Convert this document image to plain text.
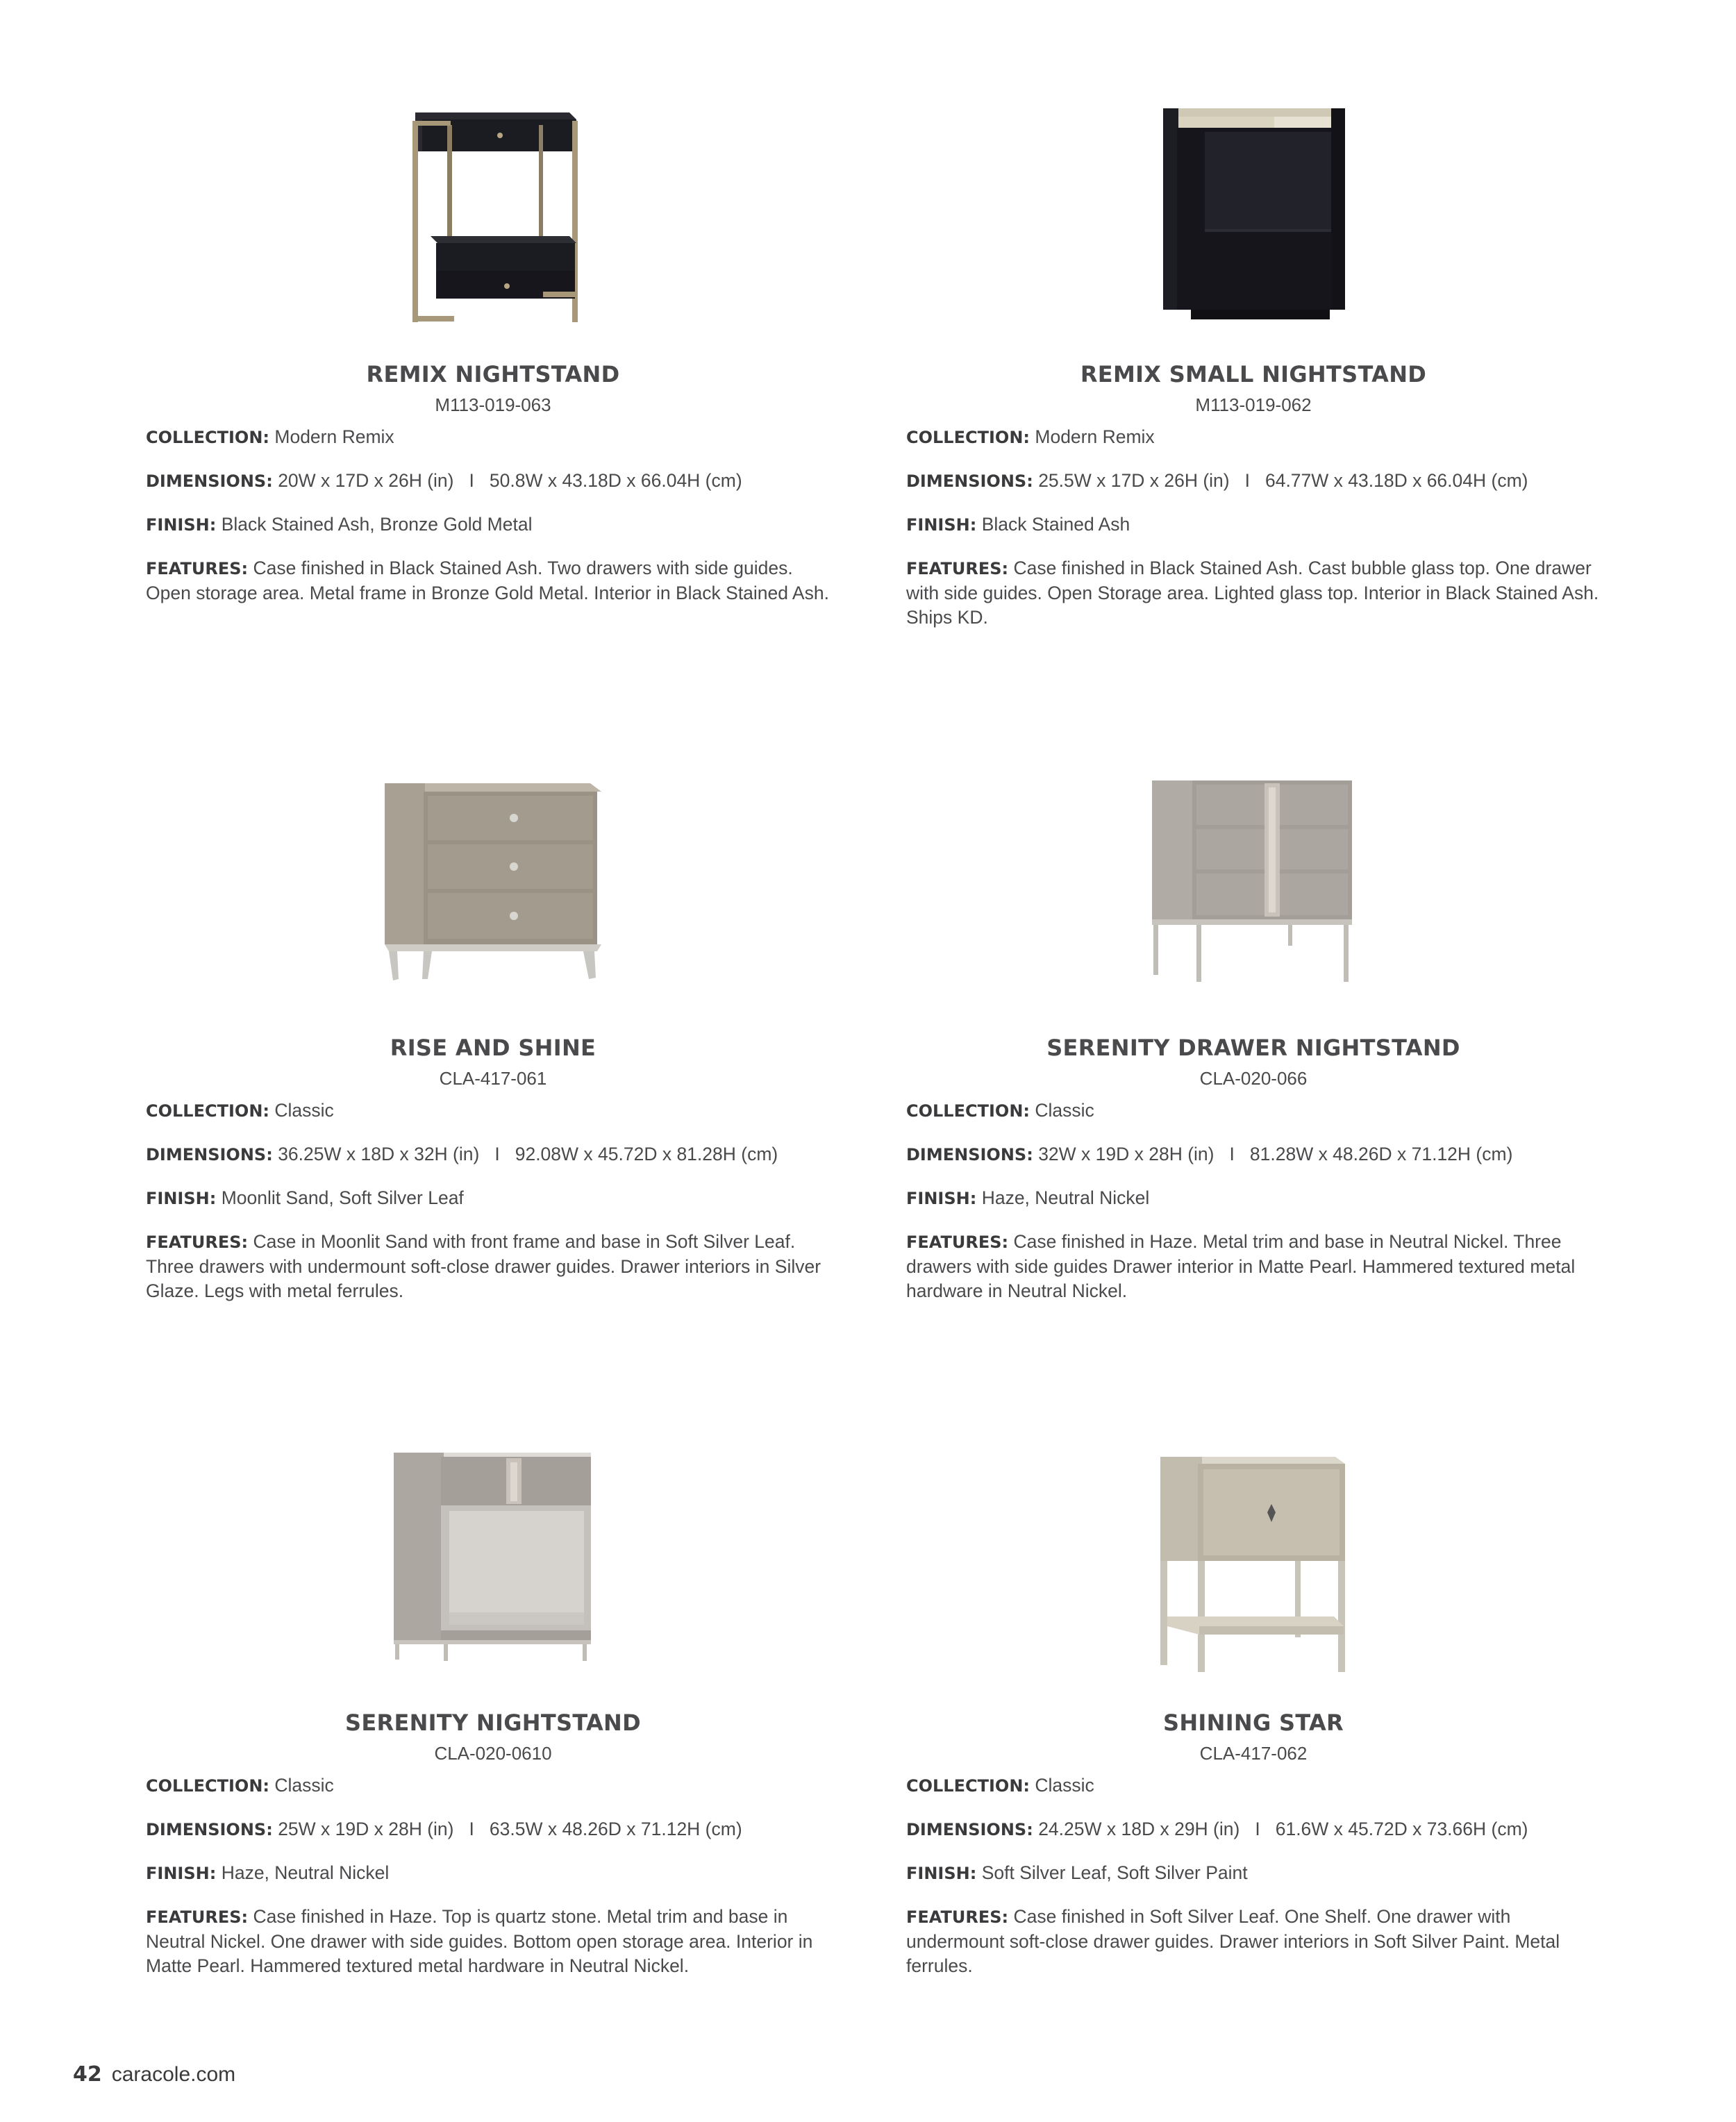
REMIX NIGHTSTAND
M113-019-063
COLLECTION: Modern Remix
DIMENSIONS: 20W x 17D x 26H (in) I 50.8W x 43.18D x 66.04H (cm)
FINISH: Black Stained Ash, Bronze Gold Metal
FEATURES: Case finished in Black Stained Ash. Two drawers with side guides. Open storage area. Metal frame in Bronze Gold Metal. Interior in Black Stained Ash.
REMIX SMALL NIGHTSTAND
M113-019-062
COLLECTION: Modern Remix
DIMENSIONS: 25.5W x 17D x 26H (in) I 64.77W x 43.18D x 66.04H (cm)
FINISH: Black Stained Ash
FEATURES: Case finished in Black Stained Ash. Cast bubble glass top. One drawer with side guides. Open Storage area. Lighted glass top. Interior in Black Stained Ash. Ships KD.
RISE AND SHINE
CLA-417-061
COLLECTION: Classic
DIMENSIONS: 36.25W x 18D x 32H (in) I 92.08W x 45.72D x 81.28H (cm)
FINISH: Moonlit Sand, Soft Silver Leaf
FEATURES: Case in Moonlit Sand with front frame and base in Soft Silver Leaf. Three drawers with undermount soft-close drawer guides. Drawer interiors in Silver Glaze. Legs with metal ferrules.
SERENITY DRAWER NIGHTSTAND
CLA-020-066
COLLECTION: Classic
DIMENSIONS: 32W x 19D x 28H (in) I 81.28W x 48.26D x 71.12H (cm)
FINISH: Haze, Neutral Nickel
FEATURES: Case finished in Haze. Metal trim and base in Neutral Nickel. Three drawers with side guides Drawer interior in Matte Pearl. Hammered textured metal hardware in Neutral Nickel.
SERENITY NIGHTSTAND
CLA-020-0610
COLLECTION: Classic
DIMENSIONS: 25W x 19D x 28H (in) I 63.5W x 48.26D x 71.12H (cm)
FINISH: Haze, Neutral Nickel
FEATURES: Case finished in Haze. Top is quartz stone. Metal trim and base in Neutral Nickel. One drawer with side guides. Bottom open storage area. Interior in Matte Pearl. Hammered textured metal hardware in Neutral Nickel.
SHINING STAR
CLA-417-062
COLLECTION: Classic
DIMENSIONS: 24.25W x 18D x 29H (in) I 61.6W x 45.72D x 73.66H (cm)
FINISH: Soft Silver Leaf, Soft Silver Paint
FEATURES: Case finished in Soft Silver Leaf. One Shelf. One drawer with undermount soft-close drawer guides. Drawer interiors in Soft Silver Paint. Metal ferrules.
42 caracole.com
